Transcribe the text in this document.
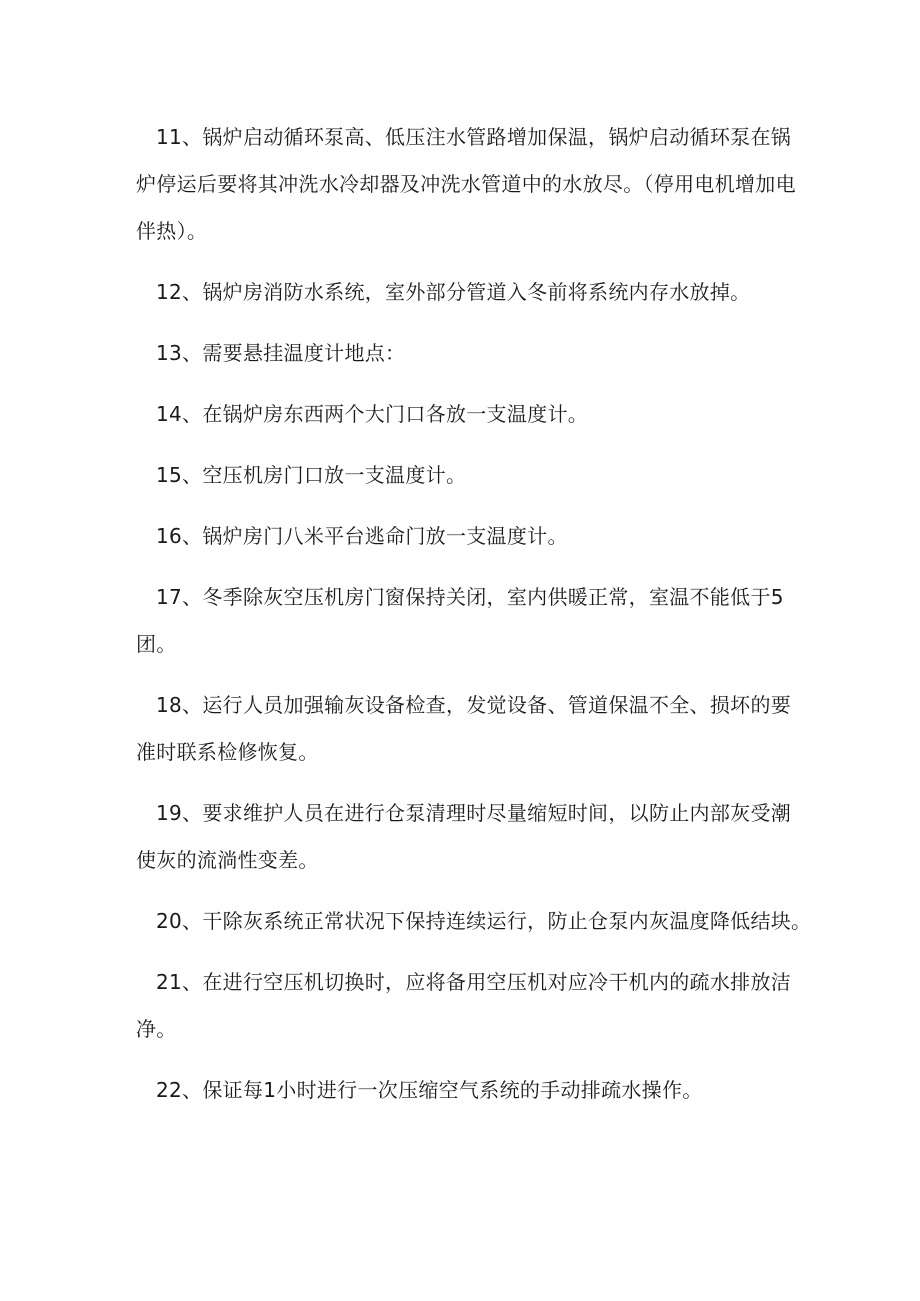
11、锅炉启动循环泵高、低压注水管路增加保温，锅炉启动循环泵在锅
炉停运后要将其冲洗水冷却器及冲洗水管道中的水放尽。（停用电机增加电
伴热）。

12、锅炉房消防水系统，室外部分管道入冬前将系统内存水放掉。

13、需要悬挂温度计地点：

14、在锅炉房东西两个大门口各放一支温度计。

15、空压机房门口放一支温度计。

16、锅炉房门八米平台逃命门放一支温度计。

17、冬季除灰空压机房门窗保持关闭，室内供暖正常，室温不能低于5
团。

18、运行人员加强输灰设备检查，发觉设备、管道保温不全、损坏的要
准时联系检修恢复。

19、要求维护人员在进行仓泵清理时尽量缩短时间，以防止内部灰受潮
使灰的流淌性变差。

20、干除灰系统正常状况下保持连续运行，防止仓泵内灰温度降低结块。

21、在进行空压机切换时，应将备用空压机对应冷干机内的疏水排放洁
净。

22、保证每1小时进行一次压缩空气系统的手动排疏水操作。
